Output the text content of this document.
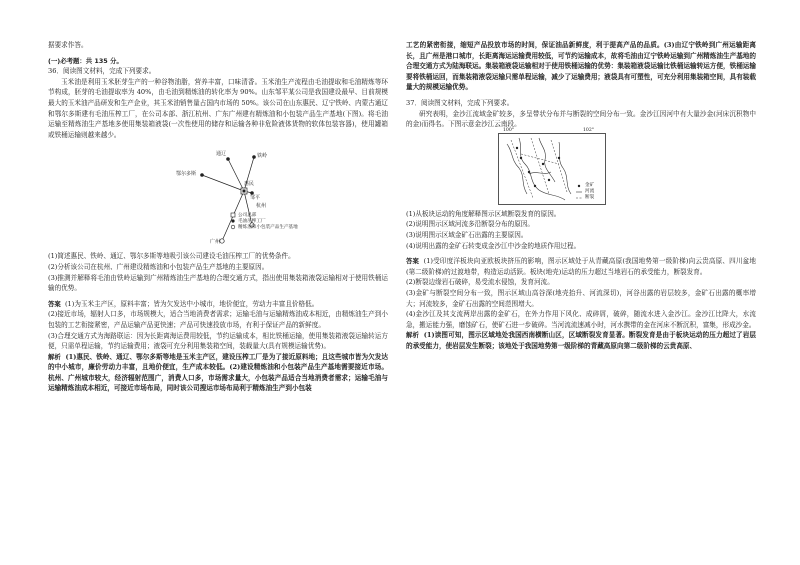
据要求作答。

(一)必考题：共 135 分。

36．阅读图文材料，完成下列要求。

玉米油是利用玉米胚芽生产的一种谷物油脂，营养丰富，口味清香。玉米油生产流程由毛油提取和毛油精炼等环节构成，胚芽的毛油提取率为 40%，由毛油到精炼油的转化率为 90%。山东邹平某公司是我国建设最早、目前规模最大的玉米油产品研发和生产企业，其玉米油销售量占国内市场的 50%。该公司在山东惠民、辽宁铁岭、内蒙古通辽和鄂尔多斯建有毛油压榨工厂，在公司本部、浙江杭州、广东广州建有精炼油和小包装产品生产基地(下图)。将毛油运输至精炼油生产基地多使用集装箱液袋(一次性使用的储存和运输各种非危险液体货物的软体包装容器)，使用罐箱或铁桶运输则越来越少。

通辽	铁岭
鄂尔多斯
惠民
邹平
杭州
广州
公司总部
毛油压榨工厂
精炼油和小包装产品生产基地

(1)简述惠民、铁岭、通辽、鄂尔多斯等地吸引该公司建设毛油压榨工厂的优势条件。

(2)分析该公司在杭州、广州建设精炼油和小包装产品生产基地的主要原因。

(3)推测并解释将毛油由铁岭运输到广州精炼油生产基地的合理交通方式，指出使用集装箱液袋运输相对于使用铁桶运输的优势。

答案 (1)为玉米主产区，原料丰富；皆为欠发达中小城市，地价便宜，劳动力丰富且价格低。

(2)接近市场，辐射人口多，市场规模大，适合当地消费者需求；运输毛油与运输精炼油成本相近，由精炼油生产到小包装的工艺衔接紧密，产品运输产品更快速；产品可快速投放市场，有利于保证产品的新鲜度。

(3)合理交通方式为海路联运：因为长距离海运费用较低，节约运输成本，相比铁桶运输，使用集装箱液袋运输转运方便，只需单程运输，节约运输费用；液袋可充分利用集装箱空间，装载量大(具有规模运输优势)。

解析 (1)惠民、铁岭、通辽、鄂尔多斯等地是玉米主产区，建设压榨工厂是为了接近原料地；且这些城市皆为欠发达的中小城市，廉价劳动力丰富，且地价便宜，生产成本较低。(2)建设精炼油和小包装产品生产基地需要接近市场。杭州、广州城市较大，经济辐射范围广，消费人口多，市场需求量大，小包装产品适合当地消费者需求；运输毛油与运输精炼油成本相近，可接近市场布局，同时该公司搜运市场布局利于精炼油生产到小包装

工艺的紧密衔接，缩短产品投放市场的时间，保证油品新鲜度，利于提高产品的品质。(3)由辽宁铁岭到广州运输距离长，且广州是港口城市，长距离海运运输费用较低，可节约运输成本，故将毛油由辽宁铁岭运输到广州精炼油生产基地的合理交通方式为陆海联运。集装箱液袋运输相对于使用铁桶运输的优势：集装箱液袋运输比铁桶运输转运方便，铁桶运输要将铁桶运回，而集装箱液袋运输只需单程运输，减少了运输费用；液袋具有可塑性，可充分利用集装箱空间，具有装载量大的规模运输优势。

37．阅读图文材料，完成下列要求。

研究表明，金沙江流域金矿较多，多呈带状分布并与断裂的空间分布一致。金沙江因河中有大量沙金(河床沉积物中的金)而得名。下图示意金沙江云南段。

100°	102°
金矿
河流
断裂

(1)从板块运动的角度解释图示区域断裂发育的原因。

(2)说明图示区域河流多沿断裂分布的原因。

(3)说明图示区域金矿石出露的主要原因。

(4)说明出露的金矿石转变成金沙江中沙金的地质作用过程。

答案 (1)受印度洋板块向亚欧板块挤压的影响，图示区域处于从青藏高原(我国地势第一级阶梯)向云贵高原、四川盆地(第二级阶梯)的过渡地带，构造运动活跃。板块(地壳)运动的压力超过当地岩石的承受能力，断裂发育。

(2)断裂边缘岩石破碎，易受流水侵蚀，发育河流。

(3)金矿与断裂空间分布一致，图示区域山高谷深(地壳抬升、河流深切)，河谷出露的岩层较多，金矿石出露的概率增大；河流较多，金矿石出露的空间范围增大。

(4)金沙江及其支流两岸出露的金矿石，在外力作用下风化、成碎屑，破碎，随流水进入金沙江。金沙江比降大，水流急，搬运能力强，磨蚀矿石，使矿石进一步破碎。当河流流速减小时，河水携带的金在河床不断沉积，富集，形成沙金。

解析 (1)读图可知，图示区域地处我国西南横断山区，区域断裂发育显著。断裂发育是由于板块运动的压力超过了岩层的承受能力，使岩层发生断裂；该地处于我国地势第一级阶梯的青藏高原向第二级阶梯的云贵高原、
